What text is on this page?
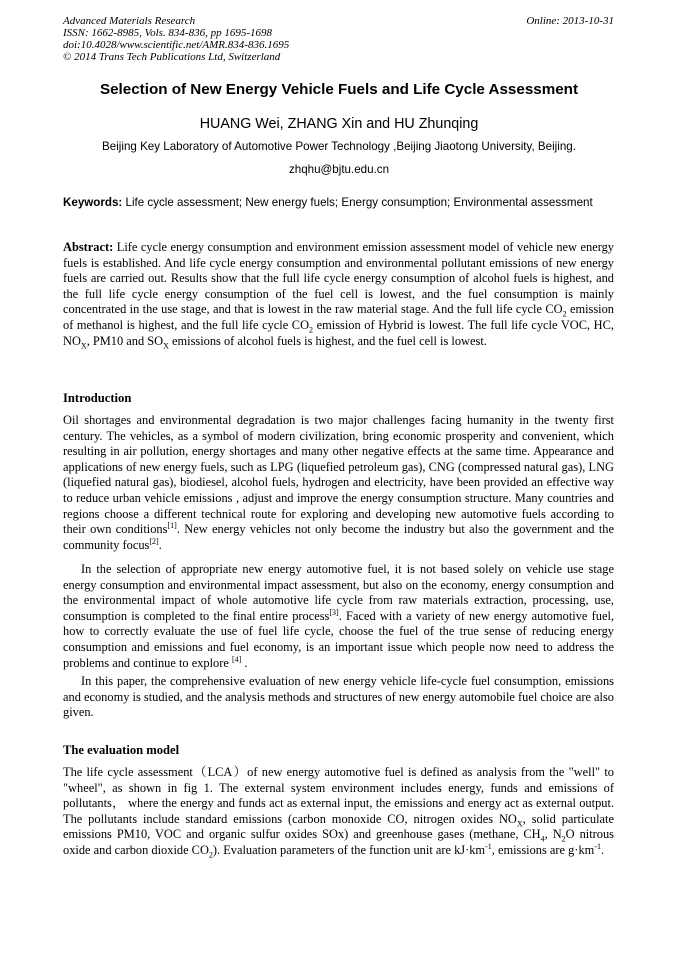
Advanced Materials Research
ISSN: 1662-8985, Vols. 834-836, pp 1695-1698
doi:10.4028/www.scientific.net/AMR.834-836.1695
© 2014 Trans Tech Publications Ltd, Switzerland
Online: 2013-10-31
Selection of New Energy Vehicle Fuels and Life Cycle Assessment
HUANG Wei, ZHANG Xin and HU Zhunqing
Beijing Key Laboratory of Automotive Power Technology ,Beijing Jiaotong University, Beijing.
zhqhu@bjtu.edu.cn
Keywords: Life cycle assessment; New energy fuels; Energy consumption; Environmental assessment

Abstract: Life cycle energy consumption and environment emission assessment model of vehicle new energy fuels is established. And life cycle energy consumption and environmental pollutant emissions of new energy fuels are carried out. Results show that the full life cycle energy consumption of alcohol fuels is highest, and the full life cycle energy consumption of the fuel cell is lowest, and the fuel consumption is mainly concentrated in the use stage, and that is lowest in the raw material stage. And the full life cycle $CO_2$ emission of methanol is highest, and the full life cycle $CO_2$ emission of Hybrid is lowest. The full life cycle VOC, HC, $NO_X$, PM10 and $SO_X$ emissions of alcohol fuels is highest, and the fuel cell is lowest.

Introduction

Oil shortages and environmental degradation is two major challenges facing humanity in the twenty first century. The vehicles, as a symbol of modern civilization, bring economic prosperity and convenient, which resulting in air pollution, energy shortages and many other negative effects at the same time. Appearance and applications of new energy fuels, such as LPG (liquefied petroleum gas), CNG (compressed natural gas), LNG (liquefied natural gas), biodiesel, alcohol fuels, hydrogen and electricity, have been provided an effective way to reduce urban vehicle emissions , adjust and improve the energy consumption structure. Many countries and regions choose a different technical route for exploring and developing new automotive fuels according to their own conditions[1]. New energy vehicles not only become the industry but also the government and the community focus[2].

In the selection of appropriate new energy automotive fuel, it is not based solely on vehicle use stage energy consumption and environmental impact assessment, but also on the economy, energy consumption and the environmental impact of whole automotive life cycle from raw materials extraction, processing, use, consumption is completed to the final entire process[3]. Faced with a variety of new energy automotive fuel, how to correctly evaluate the use of fuel life cycle, choose the fuel of the true sense of reducing energy consumption and emissions and fuel economy, is an important issue which people now need to address the problems and continue to explore [4] .

In this paper, the comprehensive evaluation of new energy vehicle life-cycle fuel consumption, emissions and economy is studied, and the analysis methods and structures of new energy automobile fuel choice are also given.

The evaluation model

The life cycle assessment（LCA）of new energy automotive fuel is defined as analysis from the "well" to "wheel", as shown in fig 1. The external system environment includes energy, funds and emissions of pollutants， where the energy and funds act as external input, the emissions and energy act as external output. The pollutants include standard emissions (carbon monoxide CO, nitrogen oxides $NO_X$, solid particulate emissions PM10, VOC and organic sulfur oxides SOx) and greenhouse gases (methane, $CH_4$, $N_2O$ nitrous oxide and carbon dioxide $CO_2$). Evaluation parameters of the function unit are $kJ\cdot km^{-1}$, emissions are $g\cdot km^{-1}$.
